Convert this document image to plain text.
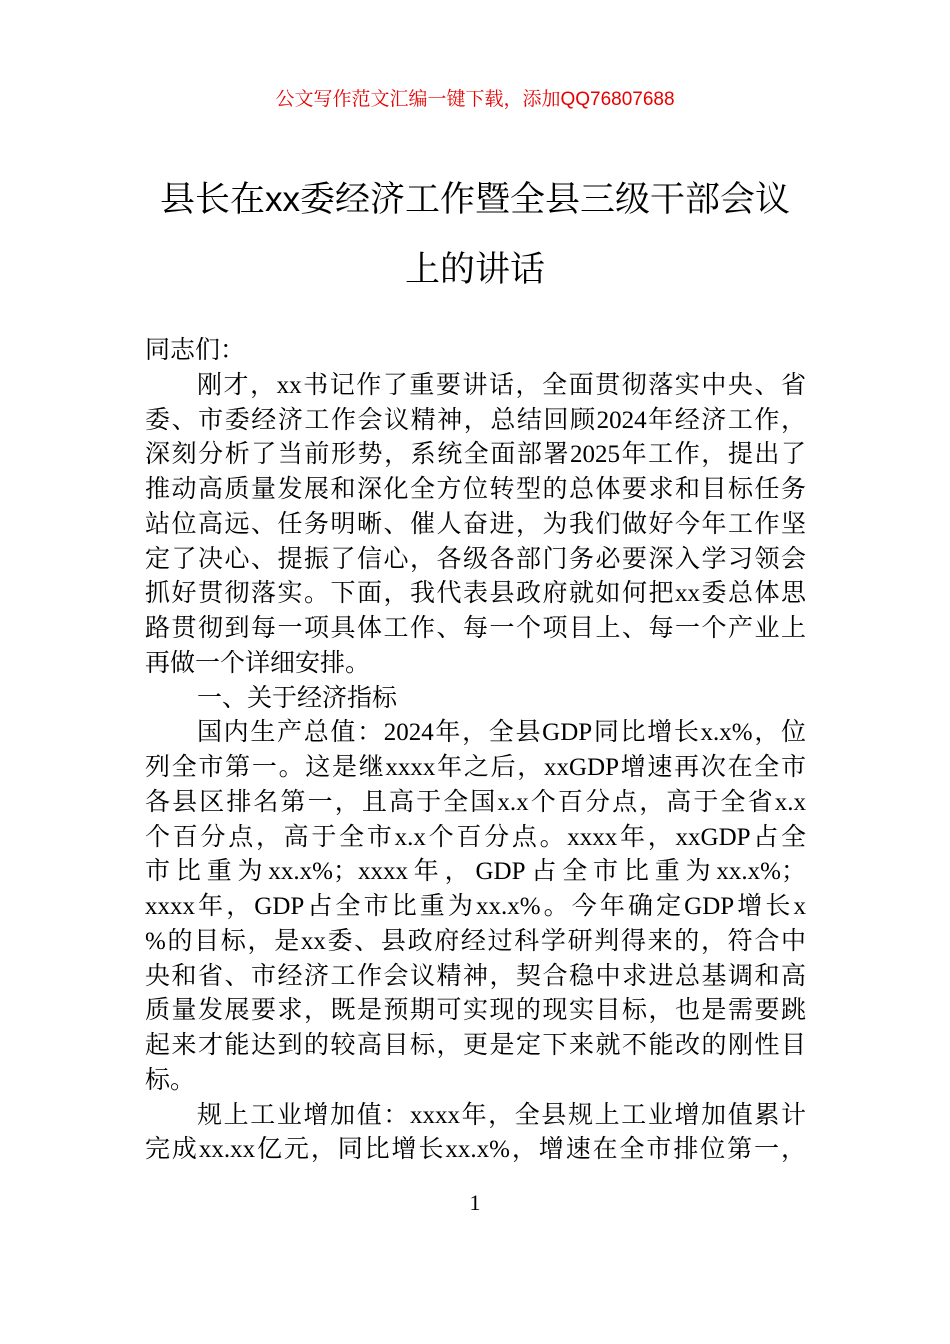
公文写作范文汇编一键下载，添加QQ76807688
县长在xx委经济工作暨全县三级干部会议
上的讲话
同志们：
刚才，xx书记作了重要讲话，全面贯彻落实中央、省
委、市委经济工作会议精神，总结回顾2024年经济工作，
深刻分析了当前形势，系统全面部署2025年工作，提出了
推动高质量发展和深化全方位转型的总体要求和目标任务
站位高远、任务明晰、催人奋进，为我们做好今年工作坚
定了决心、提振了信心，各级各部门务必要深入学习领会
抓好贯彻落实。下面，我代表县政府就如何把xx委总体思
路贯彻到每一项具体工作、每一个项目上、每一个产业上
再做一个详细安排。
一、关于经济指标
国内生产总值：2024年，全县GDP同比增长x.x%，位
列全市第一。这是继xxxx年之后，xxGDP增速再次在全市
各县区排名第一，且高于全国x.x个百分点，高于全省x.x
个百分点，高于全市x.x个百分点。xxxx年，xxGDP占全
市比重为xx.x%；xxxx年，GDP占全市比重为xx.x%；
xxxx年，GDP占全市比重为xx.x%。今年确定GDP增长x
%的目标，是xx委、县政府经过科学研判得来的，符合中
央和省、市经济工作会议精神，契合稳中求进总基调和高
质量发展要求，既是预期可实现的现实目标，也是需要跳
起来才能达到的较高目标，更是定下来就不能改的刚性目
标。
规上工业增加值：xxxx年，全县规上工业增加值累计
完成xx.xx亿元，同比增长xx.x%，增速在全市排位第一，
1
